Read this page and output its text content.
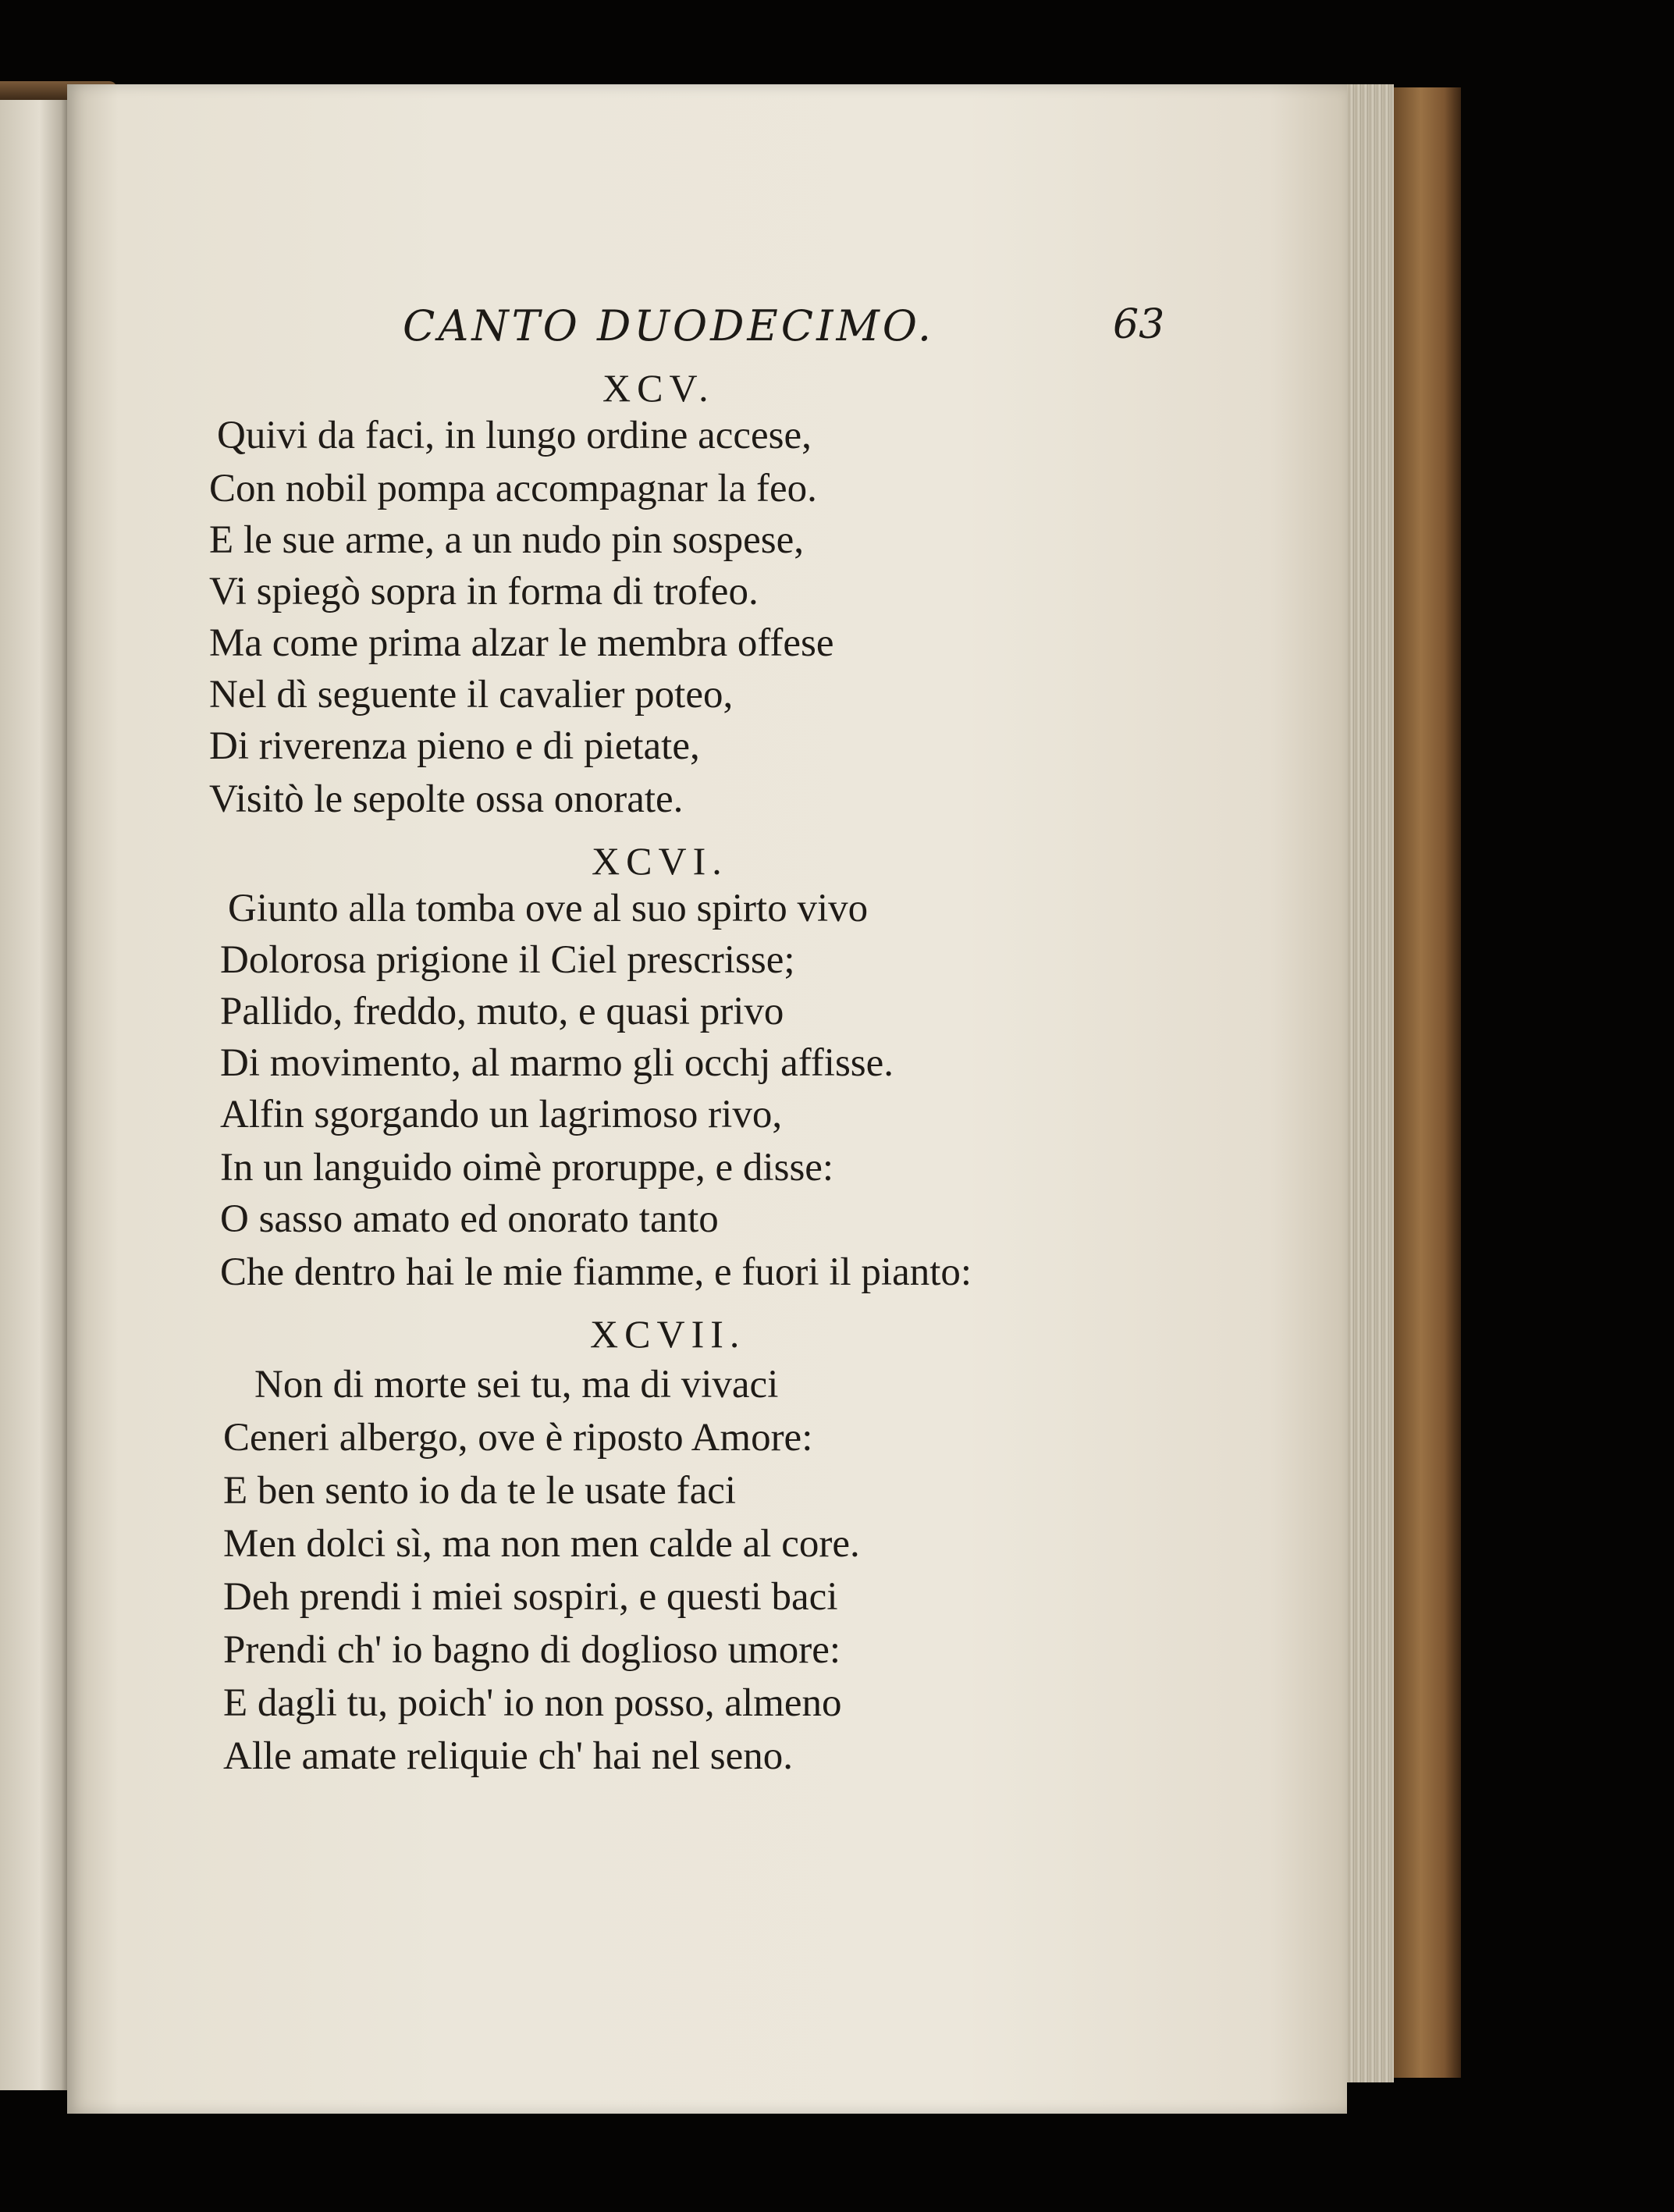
CANTO DUODECIMO.	63
XCV.
Quivi da faci, in lungo ordine accese,
Con nobil pompa accompagnar la feo.
E le sue arme, a un nudo pin sospese,
Vi spiegò sopra in forma di trofeo.
Ma come prima alzar le membra offese
Nel dì seguente il cavalier poteo,
Di riverenza pieno e di pietate,
Visitò le sepolte ossa onorate.
XCVI.
Giunto alla tomba ove al suo spirto vivo
Dolorosa prigione il Ciel prescrisse;
Pallido, freddo, muto, e quasi privo
Di movimento, al marmo gli occhj affisse.
Alfin sgorgando un lagrimoso rivo,
In un languido oimè proruppe, e disse:
O sasso amato ed onorato tanto
Che dentro hai le mie fiamme, e fuori il pianto:
XCVII.
Non di morte sei tu, ma di vivaci
Ceneri albergo, ove è riposto Amore:
E ben sento io da te le usate faci
Men dolci sì, ma non men calde al core.
Deh prendi i miei sospiri, e questi baci
Prendi ch' io bagno di doglioso umore:
E dagli tu, poich' io non posso, almeno
Alle amate reliquie ch' hai nel seno.
